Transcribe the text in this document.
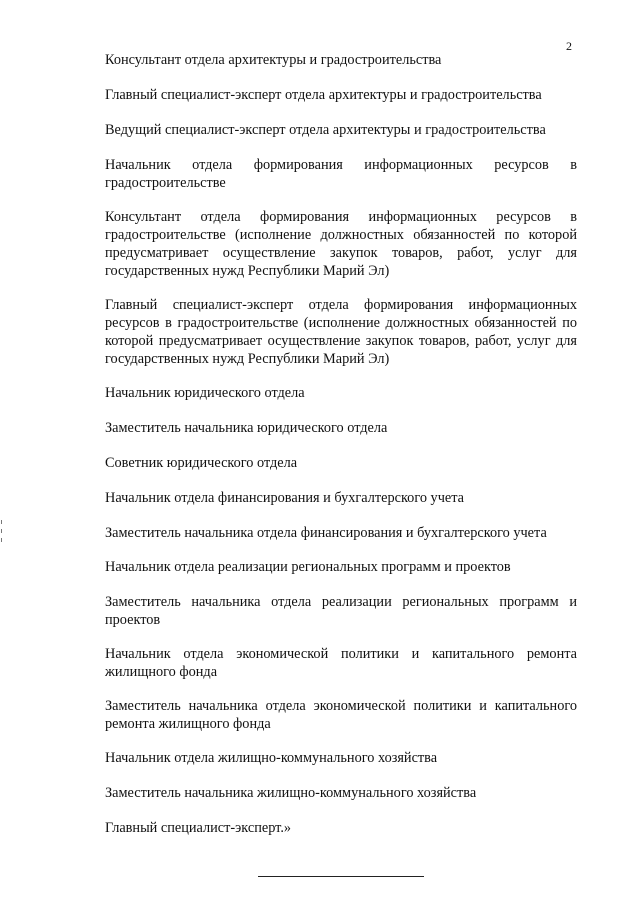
2

Консультант отдела архитектуры и градостроительства

Главный специалист-эксперт отдела архитектуры и градостроительства

Ведущий специалист-эксперт отдела архитектуры и градостроительства

Начальник отдела формирования информационных ресурсов в градостроительстве

Консультант отдела формирования информационных ресурсов в градостроительстве (исполнение должностных обязанностей по которой предусматривает осуществление закупок товаров, работ, услуг для государственных нужд Республики Марий Эл)

Главный специалист-эксперт отдела формирования информационных ресурсов в градостроительстве (исполнение должностных обязанностей по которой предусматривает осуществление закупок товаров, работ, услуг для государственных нужд Республики Марий Эл)

Начальник юридического отдела

Заместитель начальника юридического отдела

Советник юридического отдела

Начальник отдела финансирования и бухгалтерского учета

Заместитель начальника отдела финансирования и бухгалтерского учета

Начальник отдела реализации региональных программ и проектов

Заместитель начальника отдела реализации региональных программ и проектов

Начальник отдела экономической политики и капитального ремонта жилищного фонда

Заместитель начальника отдела экономической политики и капитального ремонта жилищного фонда

Начальник отдела жилищно-коммунального хозяйства

Заместитель начальника жилищно-коммунального хозяйства

Главный специалист-эксперт.»
